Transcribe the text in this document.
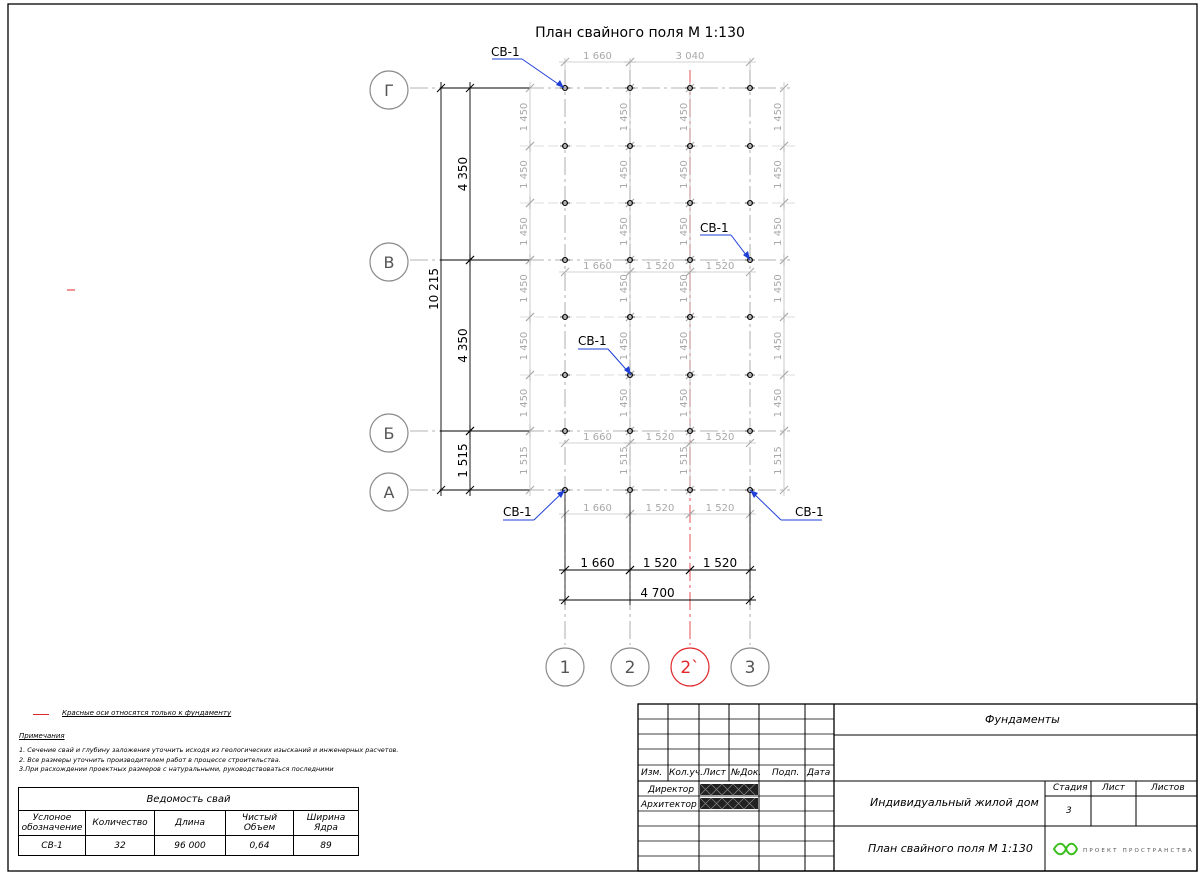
План свайного поля М 1:130
10 215
4 350
4 350
1 515
1 450
1 450
1 450
1 450
1 450
1 450
1 515
1 450
1 450
1 450
1 450
1 450
1 450
1 515
1 450
1 450
1 450
1 450
1 450
1 450
1 515
1 450
1 450
1 450
1 450
1 450
1 450
1 515
1 660	3 040
1 660	1 520	1 520
1 660	1 520	1 520
1 660	1 520	1 520
1 660 1 520 1 520
4 700
Г
В
Б
А
1	2	2`	3
СВ-1
СВ-1
СВ-1
СВ-1	СВ-1
ПРОЕКТ ПРОСТРАНСТВА
Красные оси относятся только к фундаменту
Примечания
1. Сечение свай и глубину заложения уточнить исходя из геологических изысканий и инженерных расчетов.
2. Все размеры уточнить производителем работ в процессе строительства.
3.При расхождении проектных размеров с натуральными, руководствоваться последними
Ведомость свай				
Услоное обозначение	Количество	Длина	Чистый Объем	Ширина Ядра
СВ-1	32	96 000	0,64	89
Фундаменты
Изм. Кол.уч. Лист №Док. Подп. Дата
Директор
Архитектор	Индивидуальный жилой дом
План свайного поля М 1:130
Стадия Лист	Листов
3
